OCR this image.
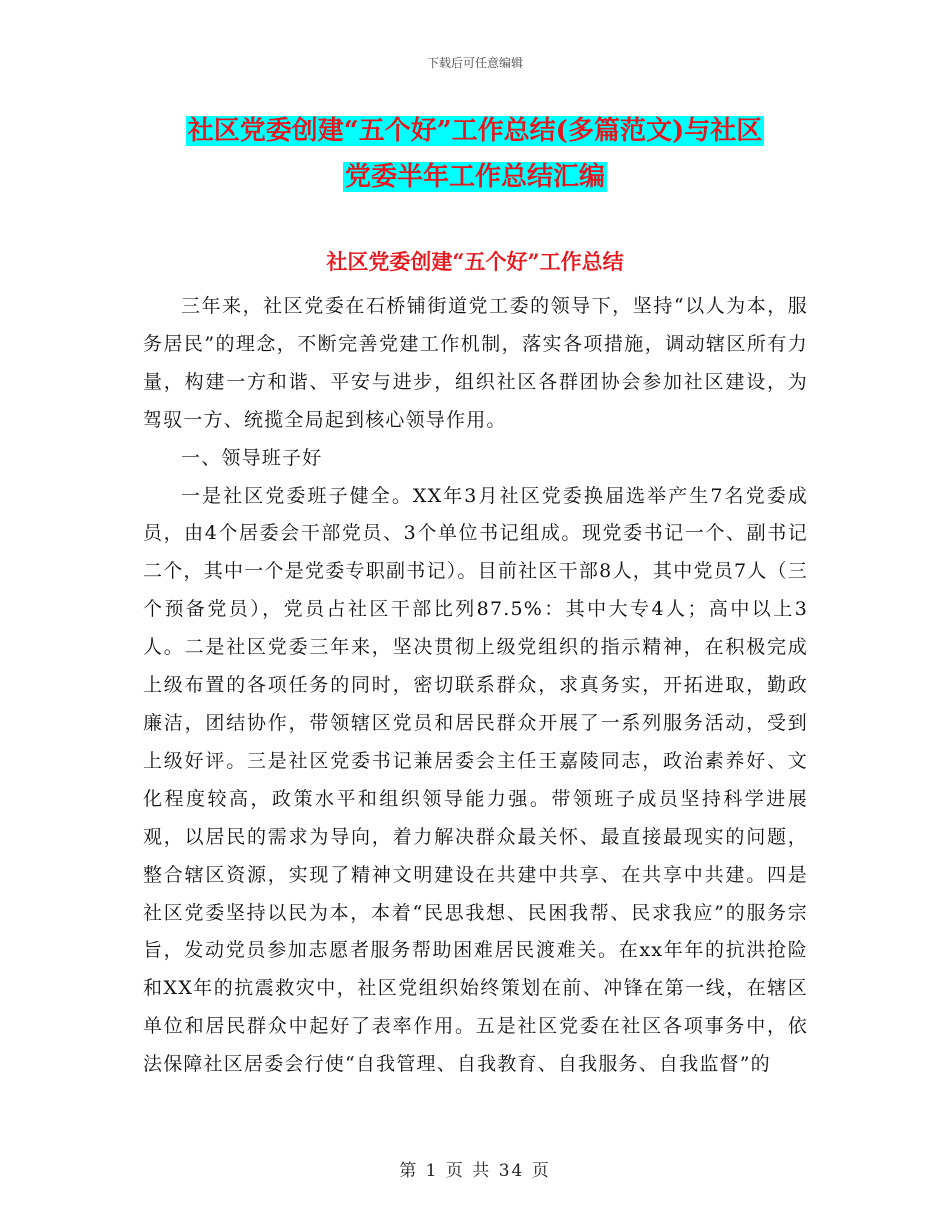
下载后可任意编辑
社区党委创建“五个好”工作总结(多篇范文)与社区
党委半年工作总结汇编
社区党委创建“五个好”工作总结

三年来，社区党委在石桥铺街道党工委的领导下，坚持“以人为本，服务居民”的理念，不断完善党建工作机制，落实各项措施，调动辖区所有力量，构建一方和谐、平安与进步，组织社区各群团协会参加社区建设，为驾驭一方、统揽全局起到核心领导作用。

一、领导班子好

一是社区党委班子健全。XX年3月社区党委换届选举产生7名党委成员，由4个居委会干部党员、3个单位书记组成。现党委书记一个、副书记二个，其中一个是党委专职副书记）。目前社区干部8人，其中党员7人（三个预备党员），党员占社区干部比列87.5%：其中大专4人；高中以上3人。二是社区党委三年来，坚决贯彻上级党组织的指示精神，在积极完成上级布置的各项任务的同时，密切联系群众，求真务实，开拓进取，勤政廉洁，团结协作，带领辖区党员和居民群众开展了一系列服务活动，受到上级好评。三是社区党委书记兼居委会主任王嘉陵同志，政治素养好、文化程度较高，政策水平和组织领导能力强。带领班子成员坚持科学进展观，以居民的需求为导向，着力解决群众最关怀、最直接最现实的问题，整合辖区资源，实现了精神文明建设在共建中共享、在共享中共建。四是社区党委坚持以民为本，本着“民思我想、民困我帮、民求我应”的服务宗旨，发动党员参加志愿者服务帮助困难居民渡难关。在xx年年的抗洪抢险和XX年的抗震救灾中，社区党组织始终策划在前、冲锋在第一线，在辖区单位和居民群众中起好了表率作用。五是社区党委在社区各项事务中，依法保障社区居委会行使“自我管理、自我教育、自我服务、自我监督”的

第 1 页 共 34 页
